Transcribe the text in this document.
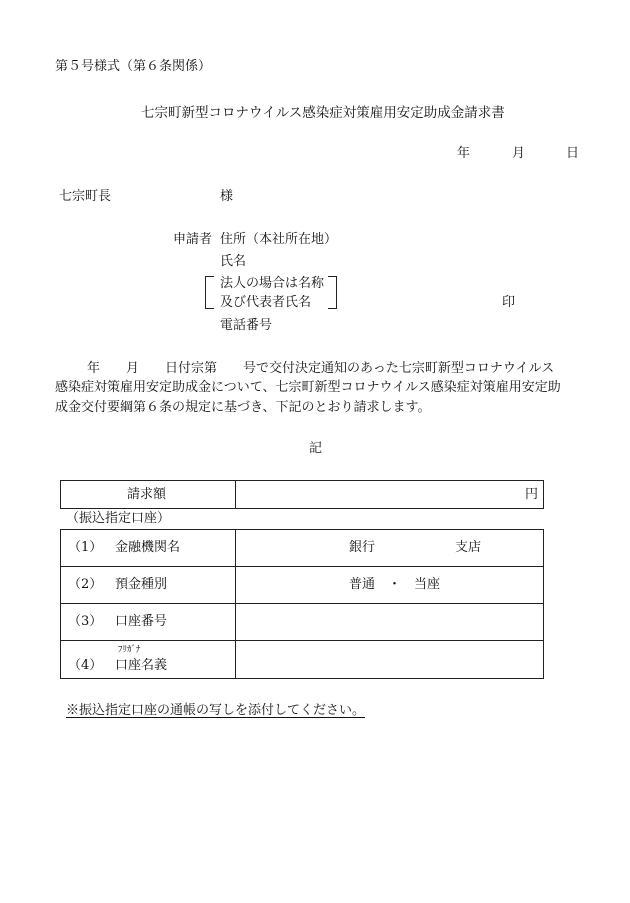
第５号様式（第６条関係）
七宗町新型コロナウイルス感染症対策雇用安定助成金請求書
年	月	日
七宗町長	様
申請者 住所（本社所在地）
氏名
法人の場合は名称
及び代表者氏名	印
電話番号
年　　月　　日付宗第　　号で交付決定通知のあった七宗町新型コロナウイルス
感染症対策雇用安定助成金について、七宗町新型コロナウイルス感染症対策雇用安定助
成金交付要綱第６条の規定に基づき、下記のとおり請求します。
記
請求額	円
（振込指定口座）
（1） 金融機関名	銀行	支店
（2） 預金種別	普通　・　当座
（3） 口座番号
ﾌﾘｶﾞﾅ
（4） 口座名義
※振込指定口座の通帳の写しを添付してください。
